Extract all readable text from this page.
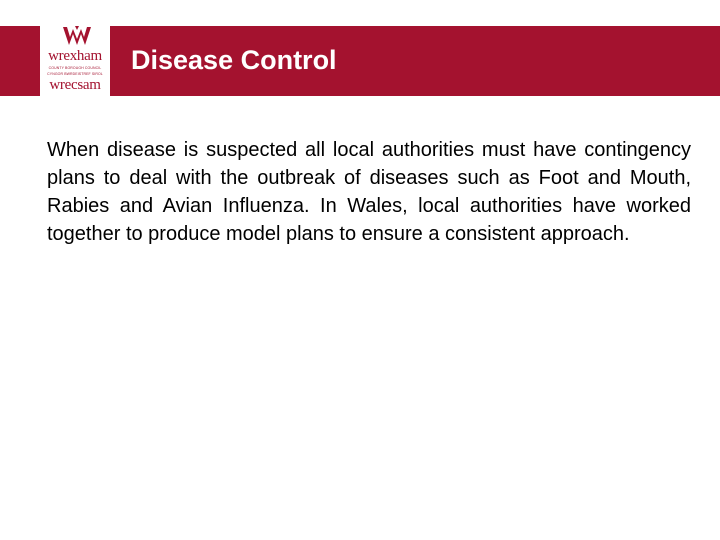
wrexham
COUNTY BOROUGH COUNCIL
CYNGOR BWRDEISTREF SIROL
wrecsam
Disease Control

When disease is suspected all local authorities must have contingency plans to deal with the outbreak of diseases such as Foot and Mouth, Rabies and Avian Influenza. In Wales, local authorities have worked together to produce model plans to ensure a consistent approach.
